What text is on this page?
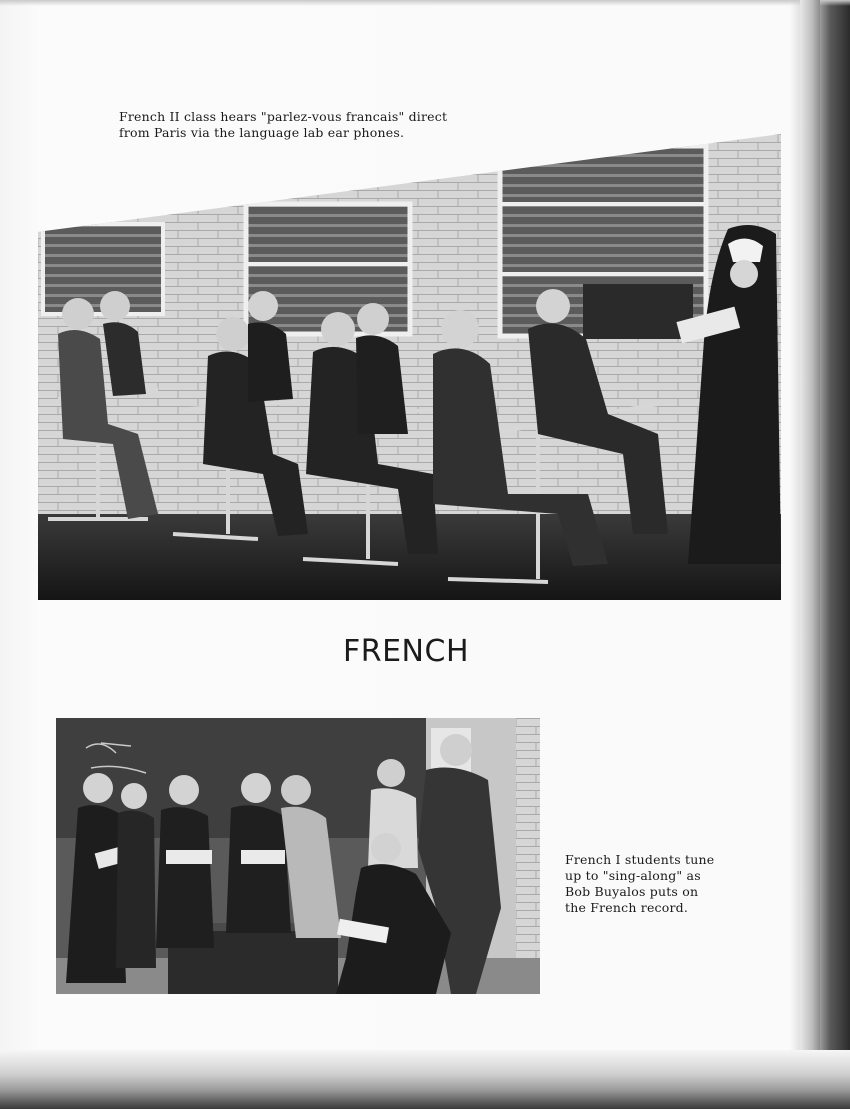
French II class hears "parlez-vous francais" direct
from Paris via the language lab ear phones.
FRENCH
French I students tune
up to "sing-along" as
Bob Buyalos puts on
the French record.
